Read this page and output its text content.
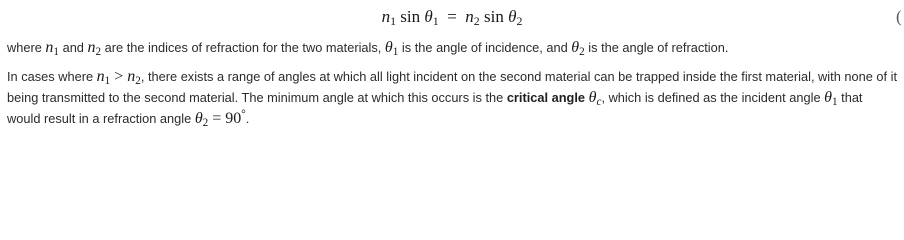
$n_1$ $\sin \theta_1 = n_2$ $\sin \theta_2$	(
where $n_1$ and $n_2$ are the indices of refraction for the two materials, $\theta_1$ is the angle of incidence, and $\theta_2$ is the angle of refraction.
In cases where $n_1 > n_2$, there exists a range of angles at which all light incident on the second material can be trapped inside the first material, with none of it being transmitted to the second material. The minimum angle at which this occurs is the critical angle $\theta_c$, which is defined as the incident angle $\theta_1$ that would result in a refraction angle $\theta_2 = 90^\circ$.
